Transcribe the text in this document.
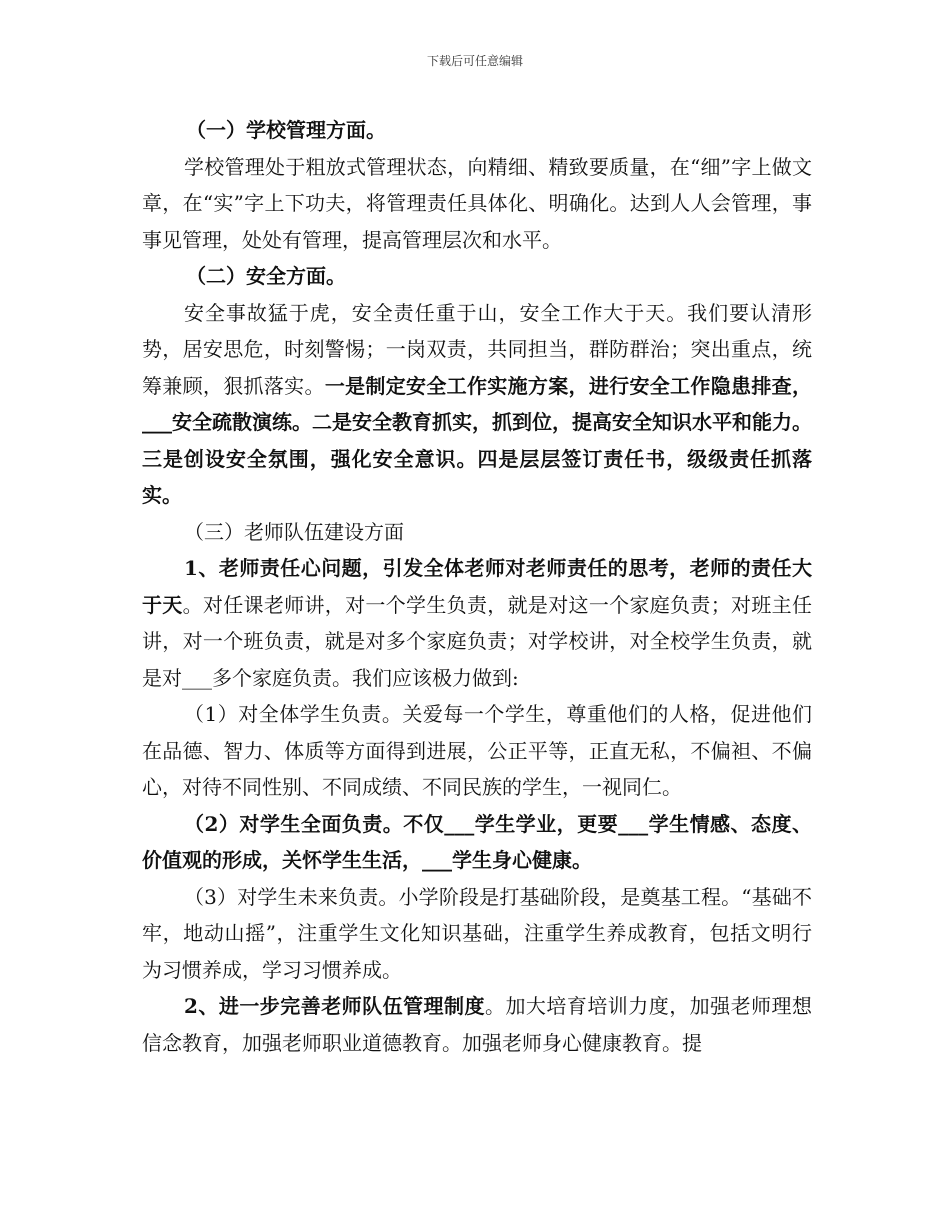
下载后可任意编辑

（一）学校管理方面。

学校管理处于粗放式管理状态，向精细、精致要质量，在“细”字上做文章，在“实”字上下功夫，将管理责任具体化、明确化。达到人人会管理，事事见管理，处处有管理，提高管理层次和水平。

（二）安全方面。

安全事故猛于虎，安全责任重于山，安全工作大于天。我们要认清形势，居安思危，时刻警惕；一岗双责，共同担当，群防群治；突出重点，统筹兼顾，狠抓落实。一是制定安全工作实施方案，进行安全工作隐患排查，___安全疏散演练。二是安全教育抓实，抓到位，提高安全知识水平和能力。三是创设安全氛围，强化安全意识。四是层层签订责任书，级级责任抓落实。

（三）老师队伍建设方面

1、老师责任心问题，引发全体老师对老师责任的思考，老师的责任大于天。对任课老师讲，对一个学生负责，就是对这一个家庭负责；对班主任讲，对一个班负责，就是对多个家庭负责；对学校讲，对全校学生负责，就是对___多个家庭负责。我们应该极力做到:

（1）对全体学生负责。关爱每一个学生，尊重他们的人格，促进他们在品德、智力、体质等方面得到进展，公正平等，正直无私，不偏袒、不偏心，对待不同性别、不同成绩、不同民族的学生，一视同仁。

（2）对学生全面负责。不仅___学生学业，更要___学生情感、态度、价值观的形成，关怀学生生活，___学生身心健康。

（3）对学生未来负责。小学阶段是打基础阶段，是奠基工程。“基础不牢，地动山摇”，注重学生文化知识基础，注重学生养成教育，包括文明行为习惯养成，学习习惯养成。

2、进一步完善老师队伍管理制度。加大培育培训力度，加强老师理想信念教育，加强老师职业道德教育。加强老师身心健康教育。提
